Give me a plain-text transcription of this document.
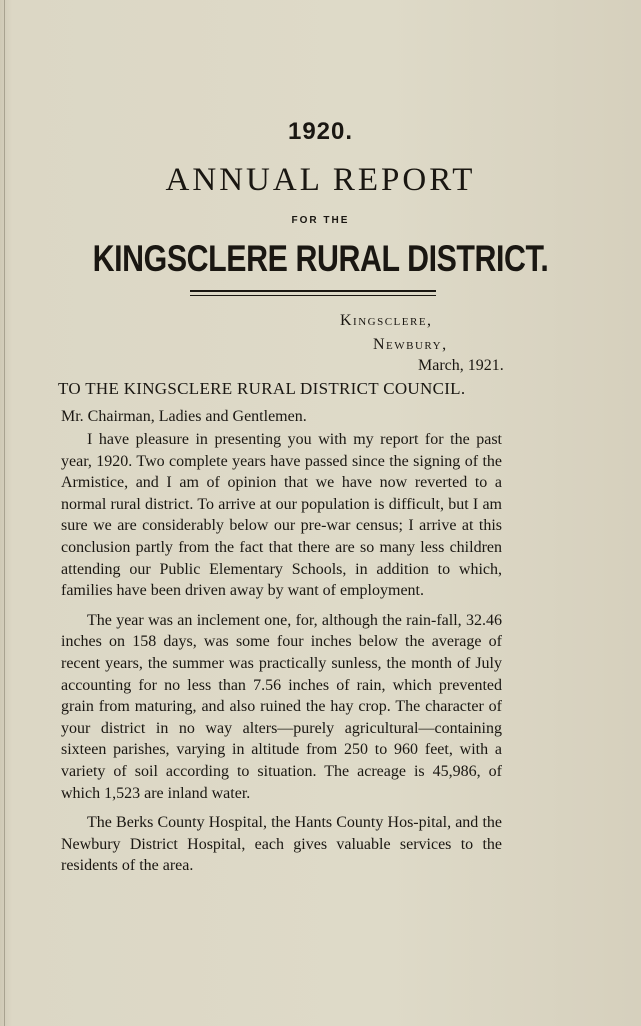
1920.
ANNUAL REPORT
FOR THE
KINGSCLERE RURAL DISTRICT.
Kingsclere,
Newbury,
March, 1921.
TO THE KINGSCLERE RURAL DISTRICT COUNCIL.
Mr. Chairman, Ladies and Gentlemen.

I have pleasure in presenting you with my report for the past year, 1920. Two complete years have passed since the signing of the Armistice, and I am of opinion that we have now reverted to a normal rural district. To arrive at our population is difficult, but I am sure we are considerably below our pre-war census; I arrive at this conclusion partly from the fact that there are so many less children attending our Public Elementary Schools, in addition to which, families have been driven away by want of employment.

The year was an inclement one, for, although the rain-fall, 32.46 inches on 158 days, was some four inches below the average of recent years, the summer was practically sunless, the month of July accounting for no less than 7.56 inches of rain, which prevented grain from maturing, and also ruined the hay crop. The character of your district in no way alters—purely agricultural—containing sixteen parishes, varying in altitude from 250 to 960 feet, with a variety of soil according to situation. The acreage is 45,986, of which 1,523 are inland water.

The Berks County Hospital, the Hants County Hos-pital, and the Newbury District Hospital, each gives valuable services to the residents of the area.
